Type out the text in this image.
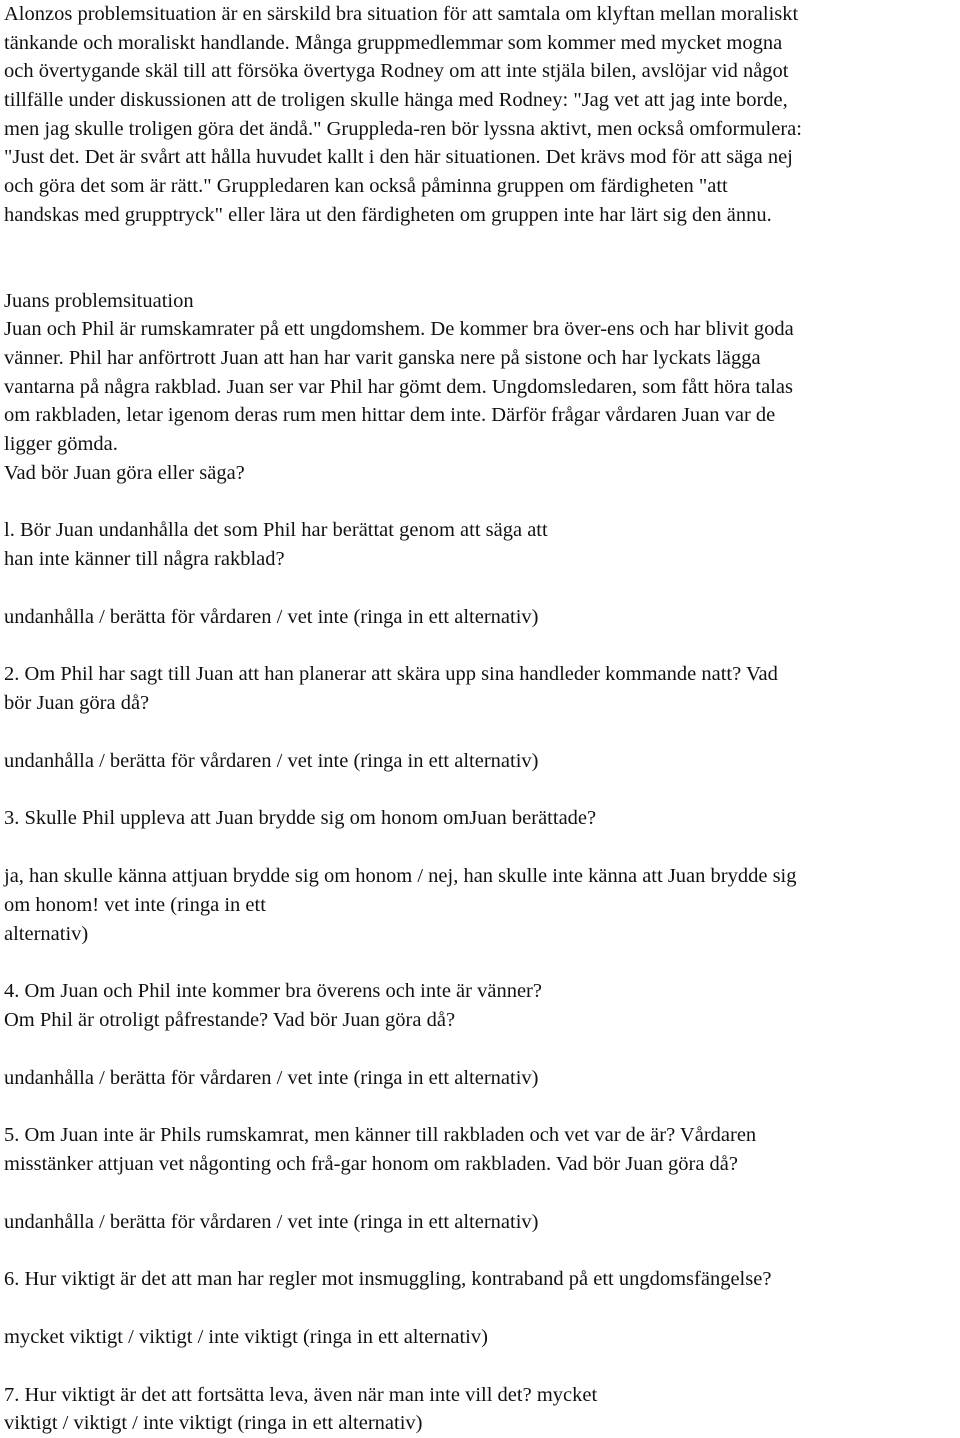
Alonzos problemsituation är en särskild bra situation för att samtala om klyftan mellan moraliskt
tänkande och moraliskt handlande. Många gruppmedlemmar som kommer med mycket mogna
och övertygande skäl till att försöka övertyga Rodney om att inte stjäla bilen, avslöjar vid något
tillfälle under diskussionen att de troligen skulle hänga med Rodney: "Jag vet att jag inte borde,
men jag skulle troligen göra det ändå." Gruppleda-ren bör lyssna aktivt, men också omformulera:
"Just det. Det är svårt att hålla huvudet kallt i den här situationen. Det krävs mod för att säga nej
och göra det som är rätt." Gruppledaren kan också påminna gruppen om färdigheten "att
handskas med grupptryck" eller lära ut den färdigheten om gruppen inte har lärt sig den ännu.
Juans problemsituation
Juan och Phil är rumskamrater på ett ungdomshem. De kommer bra över-ens och har blivit goda
vänner. Phil har anförtrott Juan att han har varit ganska nere på sistone och har lyckats lägga
vantarna på några rakblad. Juan ser var Phil har gömt dem. Ungdomsledaren, som fått höra talas
om rakbladen, letar igenom deras rum men hittar dem inte. Därför frågar vårdaren Juan var de
ligger gömda.
Vad bör Juan göra eller säga?
l. Bör Juan undanhålla det som Phil har berättat genom att säga att
han inte känner till några rakblad?
undanhålla / berätta för vårdaren / vet inte (ringa in ett alternativ)
2. Om Phil har sagt till Juan att han planerar att skära upp sina handleder kommande natt? Vad
bör Juan göra då?
undanhålla / berätta för vårdaren / vet inte (ringa in ett alternativ)
3. Skulle Phil uppleva att Juan brydde sig om honom omJuan berättade?
ja, han skulle känna attjuan brydde sig om honom / nej, han skulle inte känna att Juan brydde sig
om honom! vet inte (ringa in ett
alternativ)
4. Om Juan och Phil inte kommer bra överens och inte är vänner?
Om Phil är otroligt påfrestande? Vad bör Juan göra då?
undanhålla / berätta för vårdaren / vet inte (ringa in ett alternativ)
5. Om Juan inte är Phils rumskamrat, men känner till rakbladen och vet var de är? Vårdaren
misstänker attjuan vet någonting och frå-gar honom om rakbladen. Vad bör Juan göra då?
undanhålla / berätta för vårdaren / vet inte (ringa in ett alternativ)
6. Hur viktigt är det att man har regler mot insmuggling, kontraband på ett ungdomsfängelse?
mycket viktigt / viktigt / inte viktigt (ringa in ett alternativ)
7. Hur viktigt är det att fortsätta leva, även när man inte vill det? mycket
viktigt / viktigt / inte viktigt (ringa in ett alternativ)
